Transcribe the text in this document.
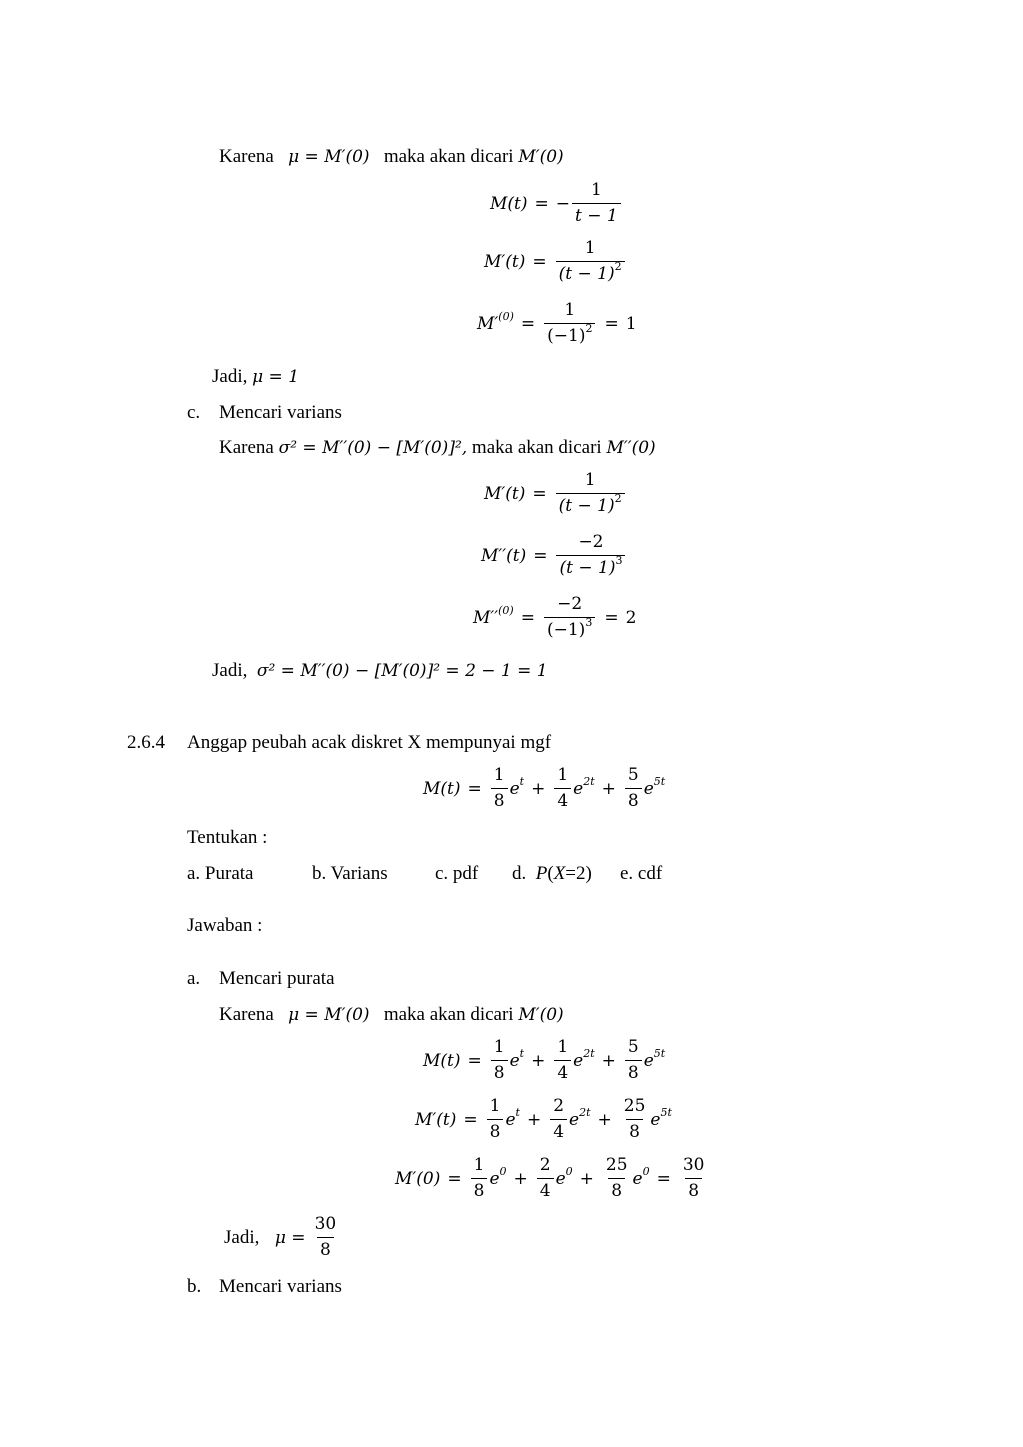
Karena μ = M′(0) maka akan dicari M′(0)
M(t) = − $\frac{1}{t - 1}$
$M'(t) = \frac{1}{(t - 1)^2}$
$M'^{(0)} = \frac{1}{(-1)^2} = 1$
Jadi, μ = 1
c. Mencari varians
Karena σ² = M′′(0) − [M′(0)]², maka akan dicari M′′(0)
$M'(t) = \frac{1}{(t - 1)^2}$
$M''(t) = \frac{-2}{(t - 1)^3}$
$M''^{(0)} = \frac{-2}{(-1)^3} = 2$
Jadi, σ² = M′′(0) − [M′(0)]² = 2 − 1 = 1
2.6.4 Anggap peubah acak diskret X mempunyai mgf
$M(t) = \frac{1}{8} e^t + \frac{1}{4} e^{2t} + \frac{5}{8} e^{5t}$
Tentukan :
a. Purata	b. Varians c. pdf d.  P(X=2) e. cdf
Jawaban :
a. Mencari purata
Karena μ = M′(0) maka akan dicari M′(0)
$M(t) = \frac{1}{8} e^t + \frac{1}{4} e^{2t} + \frac{5}{8} e^{5t}$
$M'(t) = \frac{1}{8} e^t + \frac{2}{4} e^{2t} + \frac{25}{8} e^{5t}$
$M'(0) = \frac{1}{8} e^0 + \frac{2}{4} e^0 + \frac{25}{8} e^0 = \frac{30}{8}$
Jadi,
$\mu = \frac{30}{8}$
b. Mencari varians
